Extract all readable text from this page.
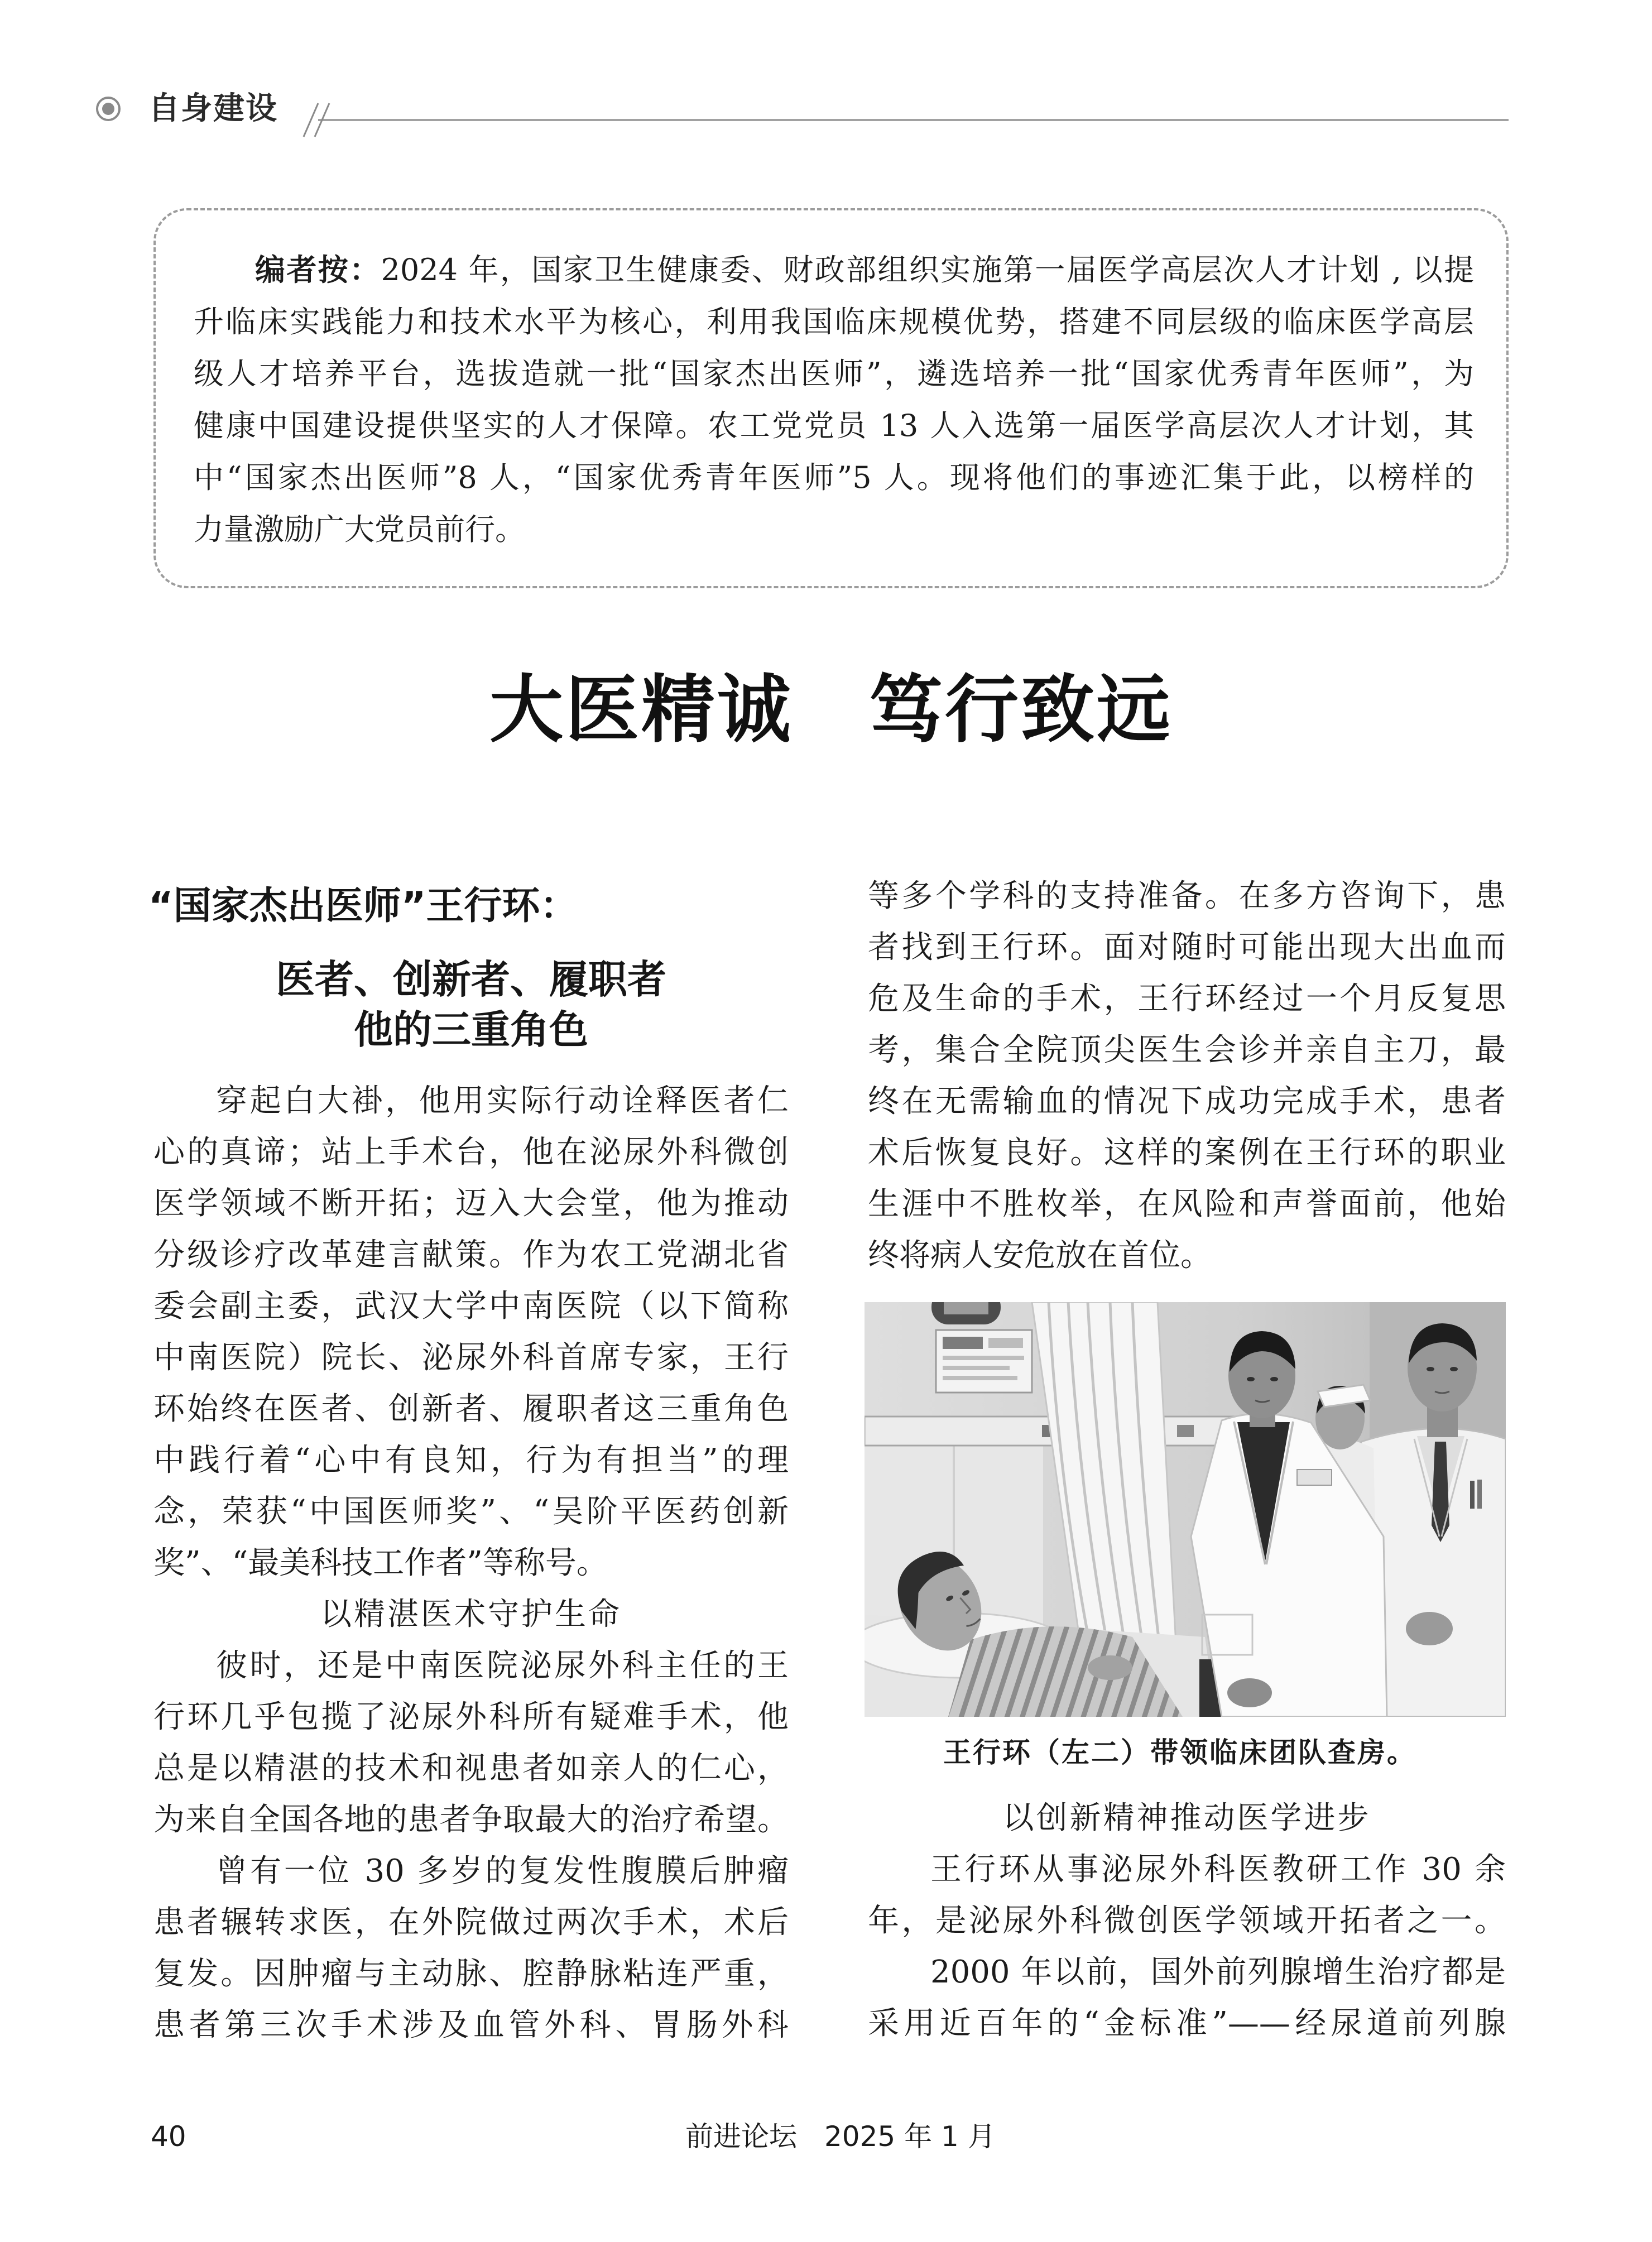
自身建设
编者按：2024 年，国家卫生健康委、财政部组织实施第一届医学高层次人才计划 , 以提
升临床实践能力和技术水平为核心，利用我国临床规模优势，搭建不同层级的临床医学高层
级人才培养平台，选拔造就一批“国家杰出医师”，遴选培养一批“国家优秀青年医师”，为
健康中国建设提供坚实的人才保障。农工党党员 13 人入选第一届医学高层次人才计划，其
中“国家杰出医师”8 人，“国家优秀青年医师”5 人。现将他们的事迹汇集于此，以榜样的
力量激励广大党员前行。
大医精诚　笃行致远
“国家杰出医师”王行环：
医者、创新者、履职者
他的三重角色
穿起白大褂，他用实际行动诠释医者仁
心的真谛；站上手术台，他在泌尿外科微创
医学领域不断开拓；迈入大会堂，他为推动
分级诊疗改革建言献策。作为农工党湖北省
委会副主委，武汉大学中南医院（以下简称
中南医院）院长、泌尿外科首席专家，王行
环始终在医者、创新者、履职者这三重角色
中践行着“心中有良知，行为有担当”的理
念，荣获“中国医师奖”、“吴阶平医药创新
奖”、“最美科技工作者”等称号。
以精湛医术守护生命
彼时，还是中南医院泌尿外科主任的王
行环几乎包揽了泌尿外科所有疑难手术，他
总是以精湛的技术和视患者如亲人的仁心，
为来自全国各地的患者争取最大的治疗希望。
曾有一位 30 多岁的复发性腹膜后肿瘤
患者辗转求医，在外院做过两次手术，术后
复发。因肿瘤与主动脉、腔静脉粘连严重，
患者第三次手术涉及血管外科、胃肠外科
等多个学科的支持准备。在多方咨询下，患
者找到王行环。面对随时可能出现大出血而
危及生命的手术，王行环经过一个月反复思
考，集合全院顶尖医生会诊并亲自主刀，最
终在无需输血的情况下成功完成手术，患者
术后恢复良好。这样的案例在王行环的职业
生涯中不胜枚举，在风险和声誉面前，他始
终将病人安危放在首位。
王行环（左二）带领临床团队查房。
以创新精神推动医学进步
王行环从事泌尿外科医教研工作 30 余
年，是泌尿外科微创医学领域开拓者之一。
2000 年以前，国外前列腺增生治疗都是
采用近百年的“金标准”——经尿道前列腺
40	前进论坛 2025 年 1 月
